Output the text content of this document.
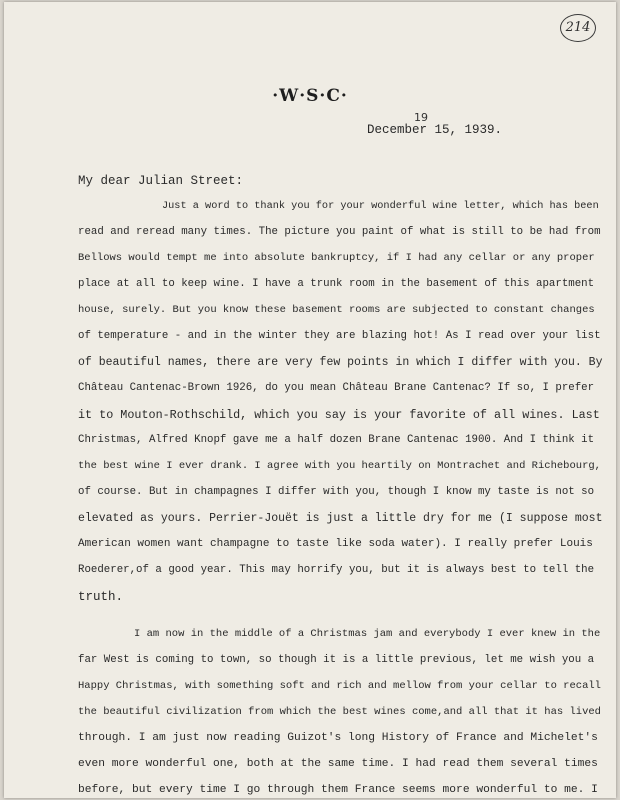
214
·W·S·C·
19
December 15, 1939.
My dear Julian Street:
Just a word to thank you for your wonderful wine letter, which has been
read and reread many times. The picture you paint of what is still to be had from
Bellows would tempt me into absolute bankruptcy, if I had any cellar or any proper
place at all to keep wine. I have a trunk room in the basement of this apartment
house, surely. But you know these basement rooms are subjected to constant changes
of temperature - and in the winter they are blazing hot! As I read over your list
of beautiful names, there are very few points in which I differ with you. By
Château Cantenac-Brown 1926, do you mean Château Brane Cantenac? If so, I prefer
it to Mouton-Rothschild, which you say is your favorite of all wines. Last
Christmas, Alfred Knopf gave me a half dozen Brane Cantenac 1900. And I think it
the best wine I ever drank. I agree with you heartily on Montrachet and Richebourg,
of course. But in champagnes I differ with you, though I know my taste is not so
elevated as yours. Perrier-Jouët is just a little dry for me (I suppose most
American women want champagne to taste like soda water). I really prefer Louis
Roederer,of a good year. This may horrify you, but it is always best to tell the
truth.
I am now in the middle of a Christmas jam and everybody I ever knew in the
far West is coming to town, so though it is a little previous, let me wish you a
Happy Christmas, with something soft and rich and mellow from your cellar to recall
the beautiful civilization from which the best wines come,and all that it has lived
through. I am just now reading Guizot's long History of France and Michelet's
even more wonderful one, both at the same time. I had read them several times
before, but every time I go through them France seems more wonderful to me. I
